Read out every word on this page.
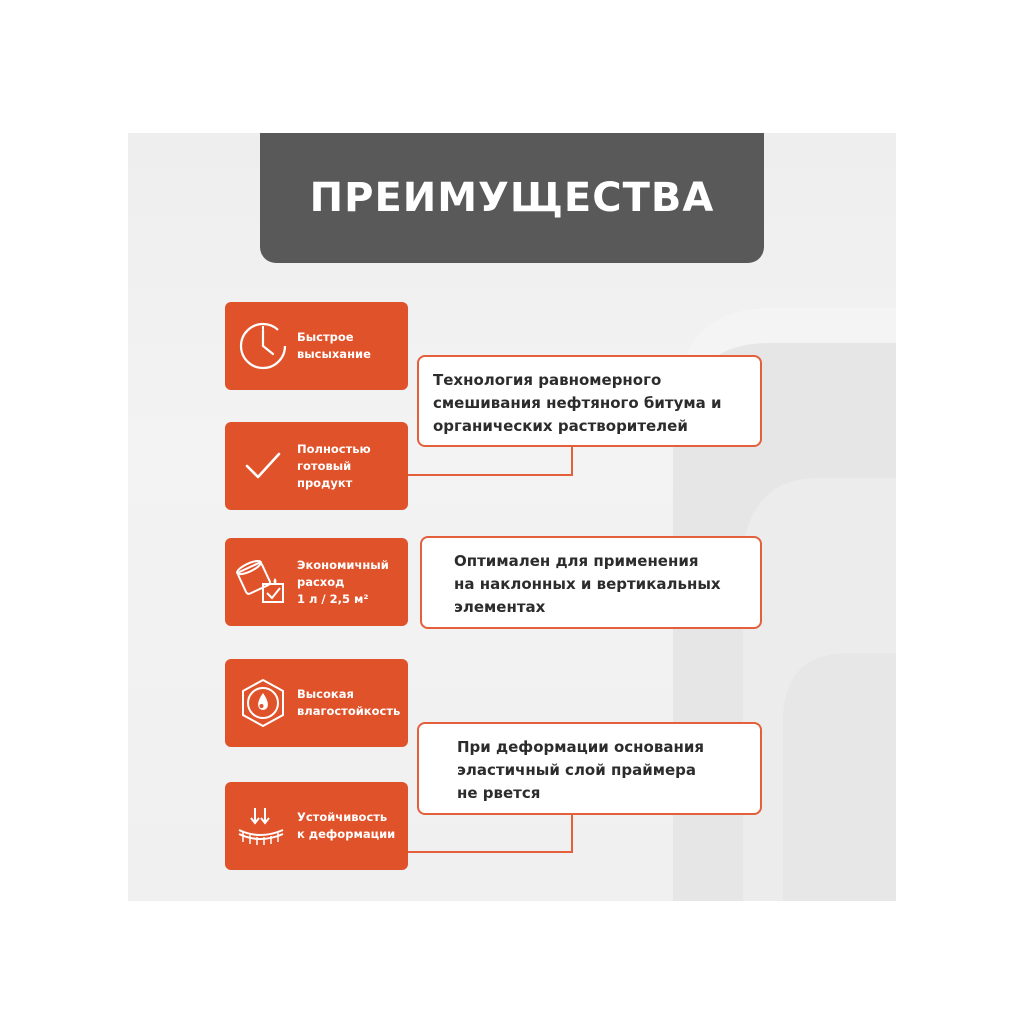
ПРЕИМУЩЕСТВА
Быстрое
высыхание
Полностью
готовый
продукт
Экономичный
расход
1 л / 2,5 м²
Высокая
влагостойкость
Устойчивость
к деформации
Технология равномерного
смешивания нефтяного битума и
органических растворителей
Оптимален для применения
на наклонных и вертикальных
элементах
При деформации основания
эластичный слой праймера
не рвется
